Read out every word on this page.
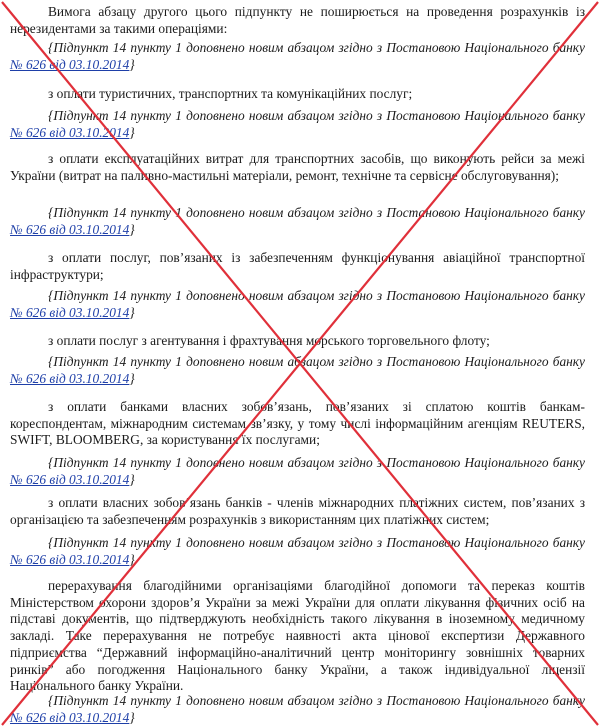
Вимога абзацу другого цього підпункту не поширюється на проведення розрахунків із нерезидентами за такими операціями:

{Підпункт 14 пункту 1 доповнено новим абзацом згідно з Постановою Національного банку № 626 від 03.10.2014}

з оплати туристичних, транспортних та комунікаційних послуг;

{Підпункт 14 пункту 1 доповнено новим абзацом згідно з Постановою Національного банку № 626 від 03.10.2014}

з оплати експлуатаційних витрат для транспортних засобів, що виконують рейси за межі України (витрат на паливно-мастильні матеріали, ремонт, технічне та сервісне обслуговування);

{Підпункт 14 пункту 1 доповнено новим абзацом згідно з Постановою Національного банку № 626 від 03.10.2014}

з оплати послуг, пов’язаних із забезпеченням функціонування авіаційної транспортної інфраструктури;

{Підпункт 14 пункту 1 доповнено новим абзацом згідно з Постановою Національного банку № 626 від 03.10.2014}

з оплати послуг з агентування і фрахтування морського торговельного флоту;

{Підпункт 14 пункту 1 доповнено новим абзацом згідно з Постановою Національного банку № 626 від 03.10.2014}

з оплати банками власних зобов’язань, пов’язаних зі сплатою коштів банкам-кореспондентам, міжнародним системам зв’язку, у тому числі інформаційним агенціям REUTERS, SWIFT, BLOOMBERG, за користування їх послугами;

{Підпункт 14 пункту 1 доповнено новим абзацом згідно з Постановою Національного банку № 626 від 03.10.2014}

з оплати власних зобов’язань банків - членів міжнародних платіжних систем, пов’язаних з організацією та забезпеченням розрахунків з використанням цих платіжних систем;

{Підпункт 14 пункту 1 доповнено новим абзацом згідно з Постановою Національного банку № 626 від 03.10.2014}

перерахування благодійними організаціями благодійної допомоги та переказ коштів Міністерством охорони здоров’я України за межі України для оплати лікування фізичних осіб на підставі документів, що підтверджують необхідність такого лікування в іноземному медичному закладі. Таке перерахування не потребує наявності акта цінової експертизи Державного підприємства “Державний інформаційно-аналітичний центр моніторингу зовнішніх товарних ринків” або погодження Національного банку України, а також індивідуальної ліцензії Національного банку України.

{Підпункт 14 пункту 1 доповнено новим абзацом згідно з Постановою Національного банку № 626 від 03.10.2014}
